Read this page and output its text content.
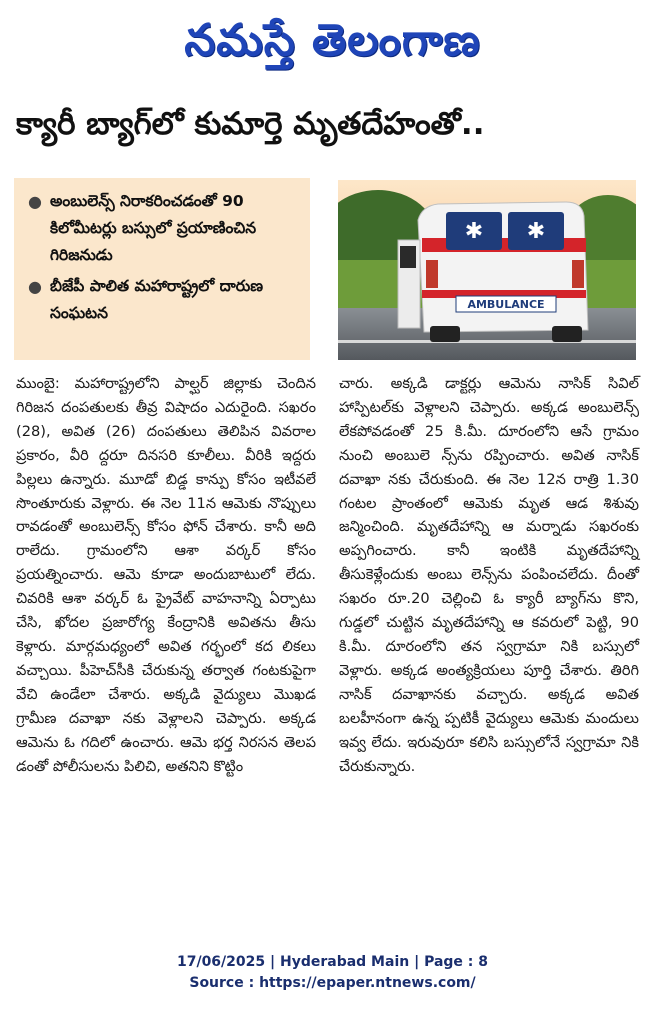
నమస్తే తెలంగాణ
క్యారీ బ్యాగ్‌లో కుమార్తె మృతదేహంతో..
● అంబులెన్స్ నిరాకరించడంతో 90 కిలోమీటర్లు బస్సులో ప్రయాణించిన గిరిజనుడు
● బీజేపీ పాలిత మహారాష్ట్రలో దారుణ సంఘటన
✱ ✱
AMBULANCE

ముంబై: మహారాష్ట్రలోని పాల్ఘర్ జిల్లాకు చెందిన గిరిజన దంపతులకు తీవ్ర విషాదం ఎదురైంది. సఖరం (28), అవిత (26) దంపతులు తెలిపిన వివరాల ప్రకారం, వీరి ద్దరూ దినసరి కూలీలు. వీరికి ఇద్దరు పిల్లలు ఉన్నారు. మూడో బిడ్డ కాన్పు కోసం ఇటీవలే సొంతూరుకు వెళ్లారు. ఈ నెల 11న ఆమెకు నొప్పులు రావడంతో అంబులెన్స్ కోసం ఫోన్ చేశారు. కానీ అది రాలేదు. గ్రామంలోని ఆశా వర్కర్ కోసం ప్రయత్నించారు. ఆమె కూడా అందుబాటులో లేదు. చివరికి ఆశా వర్కర్ ఓ ప్రైవేట్ వాహనాన్ని ఏర్పాటు చేసి, ఖోదల ప్రజారోగ్య కేంద్రానికి అవితను తీసు కెళ్లారు. మార్గమధ్యంలో అవిత గర్భంలో కద లికలు వచ్చాయి. పీహెచ్‌సీకి చేరుకున్న తర్వాత గంటకుపైగా వేచి ఉండేలా చేశారు. అక్కడి వైద్యులు మొఖడ గ్రామీణ దవాఖా నకు వెళ్లాలని చెప్పారు. అక్కడ ఆమెను ఓ గదిలో ఉంచారు. ఆమె భర్త నిరసన తెలప డంతో పోలీసులను పిలిచి, అతనిని కొట్టిం

చారు. అక్కడి డాక్టర్లు ఆమెను నాసిక్ సివిల్ హాస్పిటల్‌కు వెళ్లాలని చెప్పారు. అక్కడ అంబులెన్స్ లేకపోవడంతో 25 కి.మీ. దూరంలోని ఆసే గ్రామం నుంచి అంబులె న్స్‌ను రప్పించారు. అవిత నాసిక్ దవాఖా నకు చేరుకుంది. ఈ నెల 12న రాత్రి 1.30 గంటల ప్రాంతంలో ఆమెకు మృత ఆడ శిశువు జన్మించింది. మృతదేహాన్ని ఆ మర్నాడు సఖరంకు అప్పగించారు. కానీ ఇంటికి మృతదేహాన్ని తీసుకెళ్లేందుకు అంబు లెన్స్‌ను పంపించలేదు. దీంతో సఖరం రూ.20 చెల్లించి ఓ క్యారీ బ్యాగ్‌ను కొని, గుడ్డలో చుట్టిన మృతదేహాన్ని ఆ కవరులో పెట్టి, 90 కి.మీ. దూరంలోని తన స్వగ్రామా నికి బస్సులో వెళ్లారు. అక్కడ అంత్యక్రియలు పూర్తి చేశారు. తిరిగి నాసిక్ దవాఖానకు వచ్చారు. అక్కడ అవిత బలహీనంగా ఉన్న ప్పటికీ వైద్యులు ఆమెకు మందులు ఇవ్వ లేదు. ఇరువురూ కలిసి బస్సులోనే స్వగ్రామా నికి చేరుకున్నారు.

17/06/2025 | Hyderabad Main | Page : 8
Source : https://epaper.ntnews.com/
